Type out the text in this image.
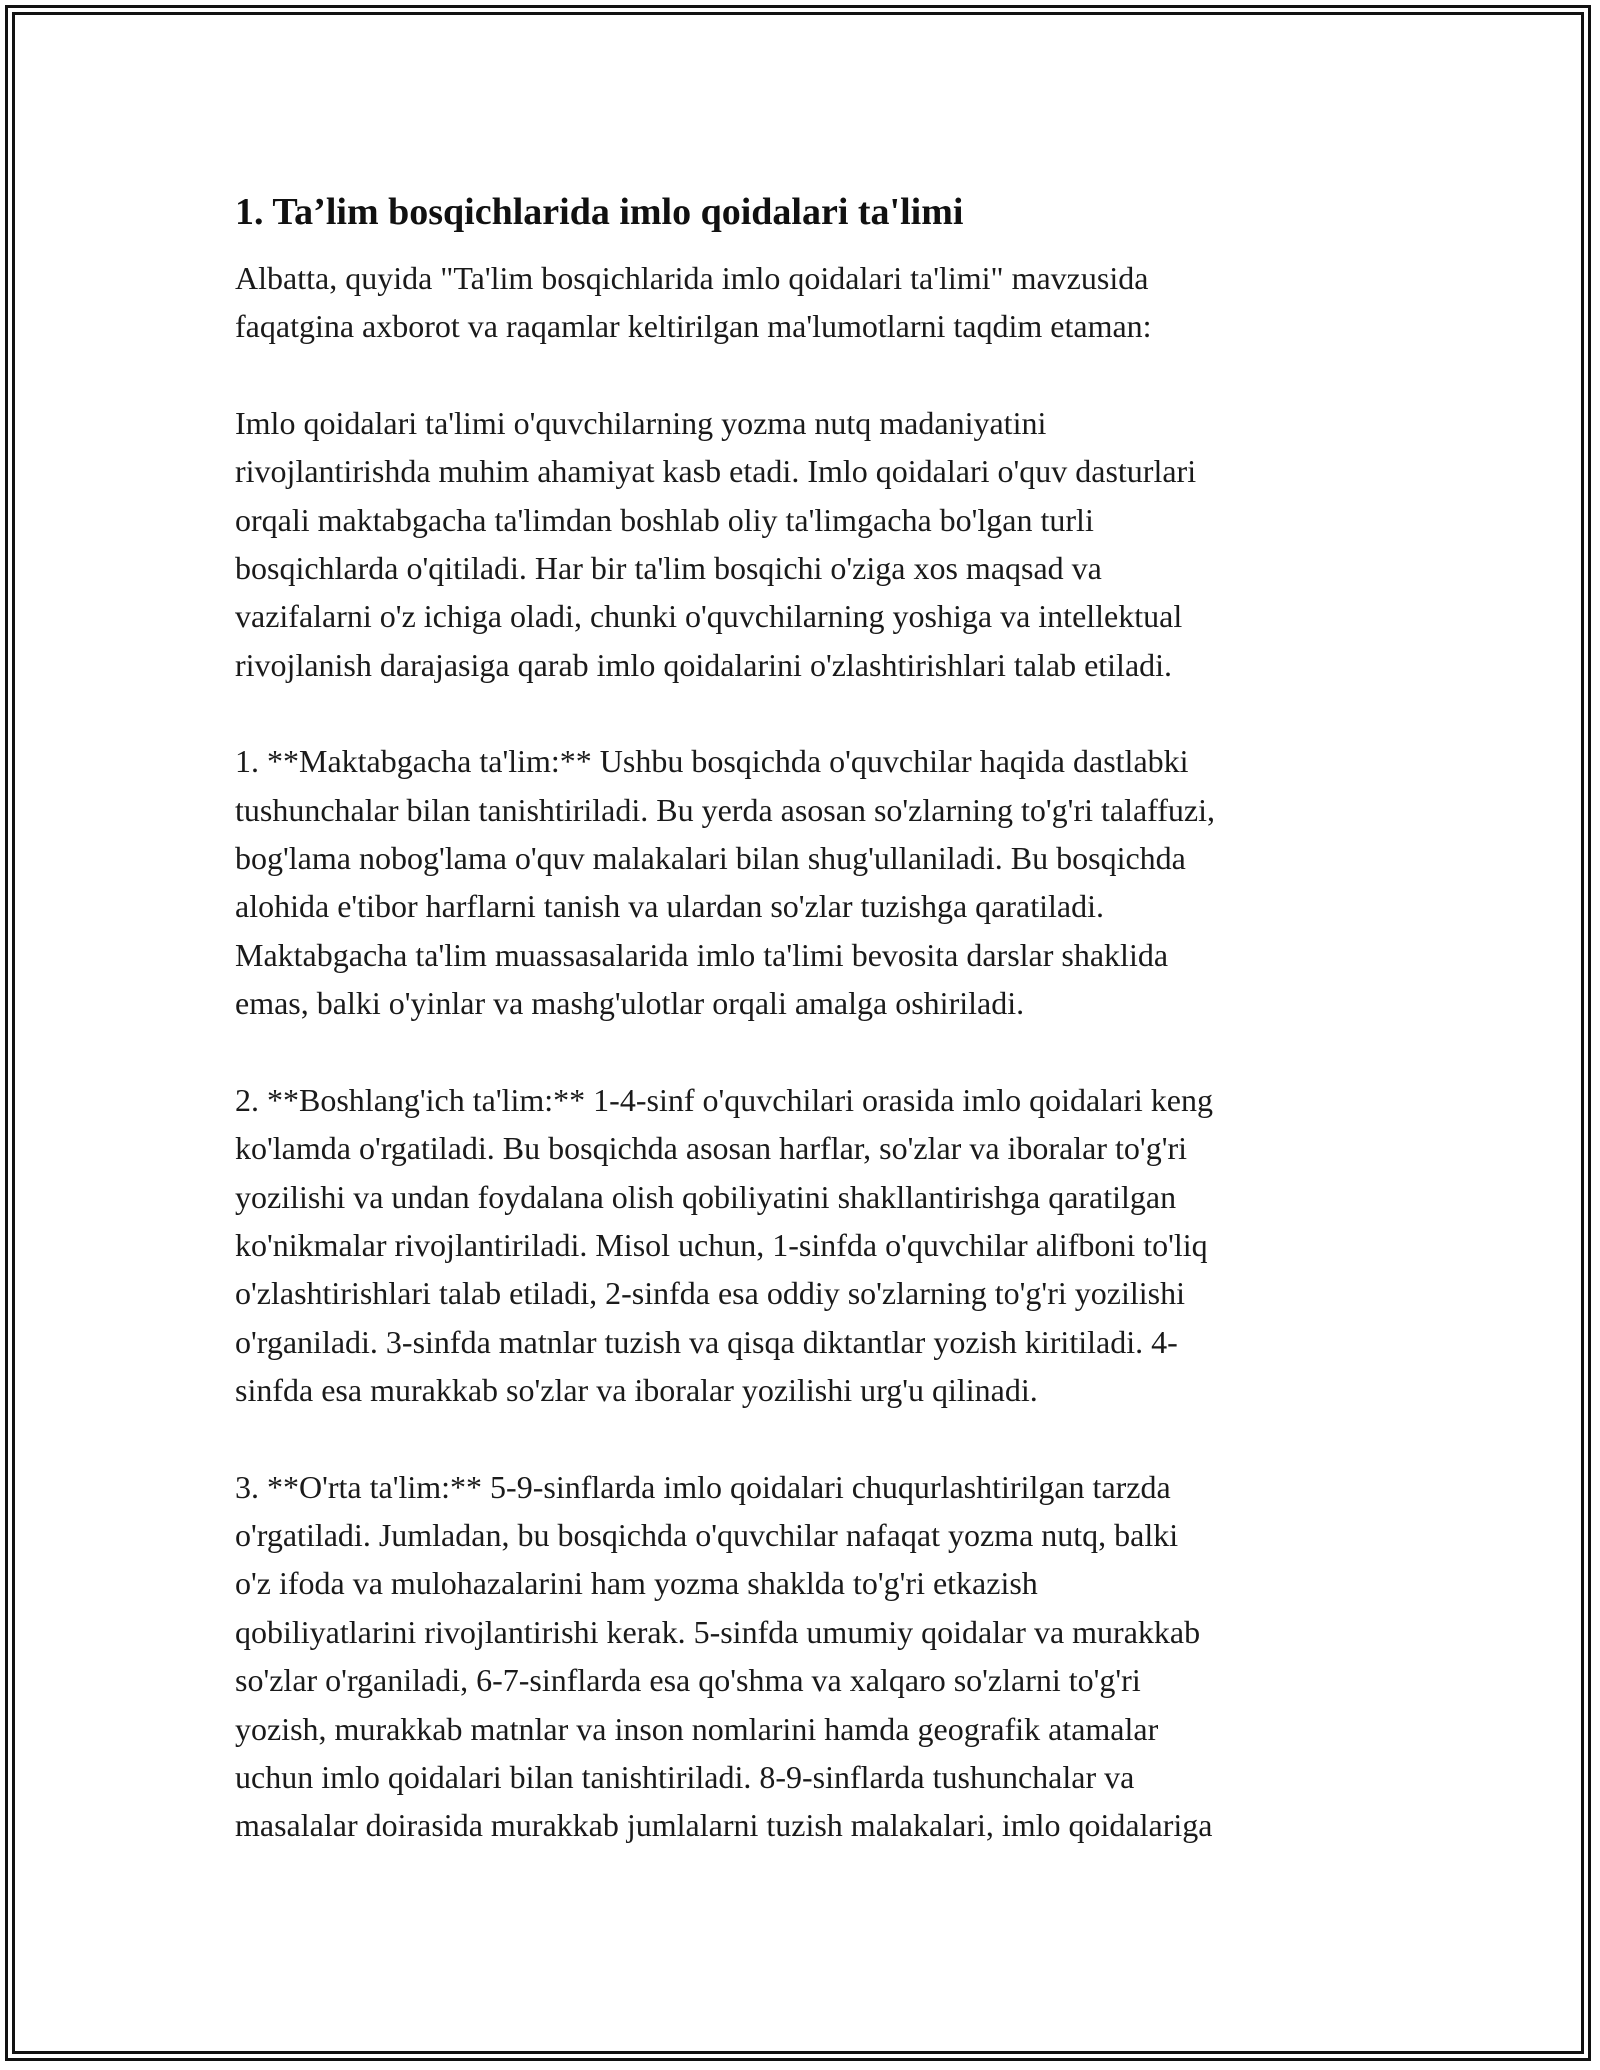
1. Ta’lim bosqichlarida imlo qoidalari ta'limi

Albatta, quyida "Ta'lim bosqichlarida imlo qoidalari ta'limi" mavzusida
faqatgina axborot va raqamlar keltirilgan ma'lumotlarni taqdim etaman:

Imlo qoidalari ta'limi o'quvchilarning yozma nutq madaniyatini
rivojlantirishda muhim ahamiyat kasb etadi. Imlo qoidalari o'quv dasturlari
orqali maktabgacha ta'limdan boshlab oliy ta'limgacha bo'lgan turli
bosqichlarda o'qitiladi. Har bir ta'lim bosqichi o'ziga xos maqsad va
vazifalarni o'z ichiga oladi, chunki o'quvchilarning yoshiga va intellektual
rivojlanish darajasiga qarab imlo qoidalarini o'zlashtirishlari talab etiladi.

1. **Maktabgacha ta'lim:** Ushbu bosqichda o'quvchilar haqida dastlabki
tushunchalar bilan tanishtiriladi. Bu yerda asosan so'zlarning to'g'ri talaffuzi,
bog'lama nobog'lama o'quv malakalari bilan shug'ullaniladi. Bu bosqichda
alohida e'tibor harflarni tanish va ulardan so'zlar tuzishga qaratiladi.
Maktabgacha ta'lim muassasalarida imlo ta'limi bevosita darslar shaklida
emas, balki o'yinlar va mashg'ulotlar orqali amalga oshiriladi.

2. **Boshlang'ich ta'lim:** 1-4-sinf o'quvchilari orasida imlo qoidalari keng
ko'lamda o'rgatiladi. Bu bosqichda asosan harflar, so'zlar va iboralar to'g'ri
yozilishi va undan foydalana olish qobiliyatini shakllantirishga qaratilgan
ko'nikmalar rivojlantiriladi. Misol uchun, 1-sinfda o'quvchilar alifboni to'liq
o'zlashtirishlari talab etiladi, 2-sinfda esa oddiy so'zlarning to'g'ri yozilishi
o'rganiladi. 3-sinfda matnlar tuzish va qisqa diktantlar yozish kiritiladi. 4-
sinfda esa murakkab so'zlar va iboralar yozilishi urg'u qilinadi.

3. **O'rta ta'lim:** 5-9-sinflarda imlo qoidalari chuqurlashtirilgan tarzda
o'rgatiladi. Jumladan, bu bosqichda o'quvchilar nafaqat yozma nutq, balki
o'z ifoda va mulohazalarini ham yozma shaklda to'g'ri etkazish
qobiliyatlarini rivojlantirishi kerak. 5-sinfda umumiy qoidalar va murakkab
so'zlar o'rganiladi, 6-7-sinflarda esa qo'shma va xalqaro so'zlarni to'g'ri
yozish, murakkab matnlar va inson nomlarini hamda geografik atamalar
uchun imlo qoidalari bilan tanishtiriladi. 8-9-sinflarda tushunchalar va
masalalar doirasida murakkab jumlalarni tuzish malakalari, imlo qoidalariga
